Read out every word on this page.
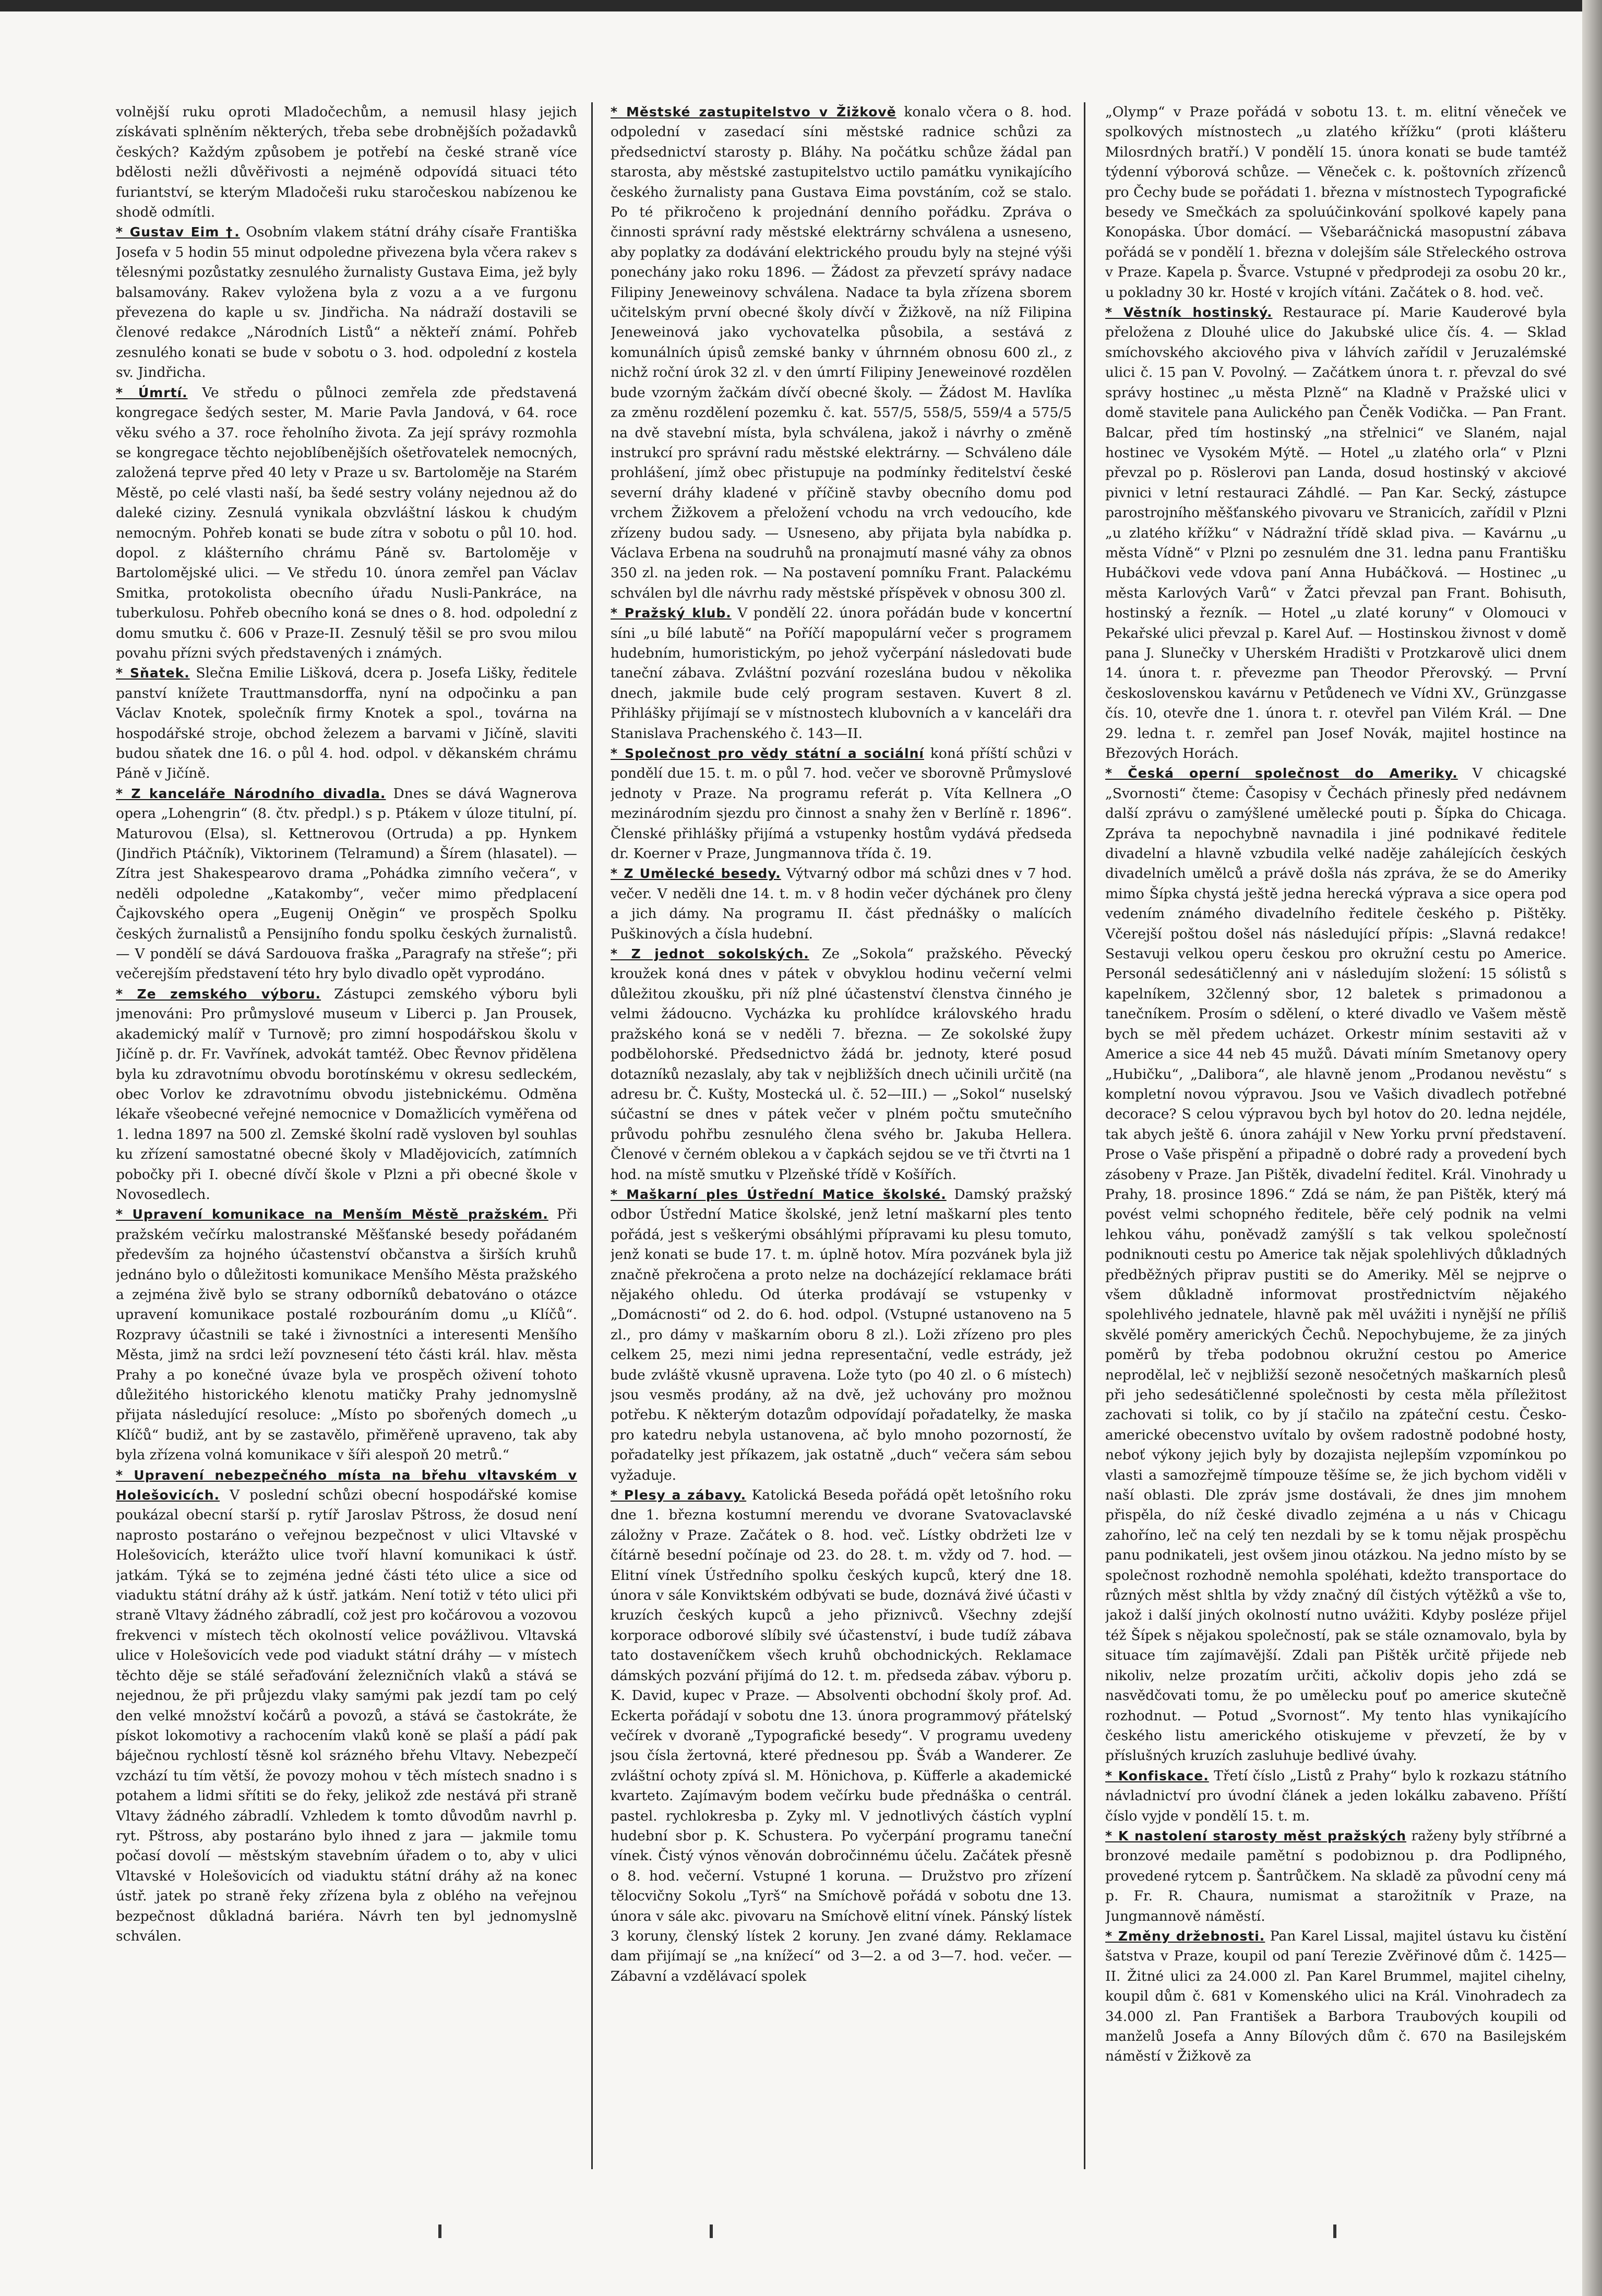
volnější ruku oproti Mladočechům, a nemusil hlasy jejich získávati splněním některých, třeba sebe drobnějších požadavků českých? Každým způsobem je potřebí na české straně více bdělosti nežli důvěřivosti a nejméně odpovídá situaci této furiantství, se kterým Mladočeši ruku staročeskou nabízenou ke shodě odmítli.

* Gustav Eim †. Osobním vlakem státní dráhy císaře Františka Josefa v 5 hodin 55 minut odpoledne přivezena byla včera rakev s tělesnými pozůstatky zesnulého žurnalisty Gustava Eima, jež byly balsamovány. Rakev vyložena byla z vozu a a ve furgonu převezena do kaple u sv. Jindřicha. Na nádraží dostavili se členové redakce „Národních Listů“ a někteří známí. Pohřeb zesnulého konati se bude v sobotu o 3. hod. odpolední z kostela sv. Jindřicha.

* Úmrtí. Ve středu o půlnoci zemřela zde představená kongregace šedých sester, M. Marie Pavla Jandová, v 64. roce věku svého a 37. roce řeholního života. Za její správy rozmohla se kongregace těchto nejoblíbenějších ošetřovatelek nemocných, založená teprve před 40 lety v Praze u sv. Bartoloměje na Starém Městě, po celé vlasti naší, ba šedé sestry volány nejednou až do daleké ciziny. Zesnulá vynikala obzvláštní láskou k chudým nemocným. Pohřeb konati se bude zítra v sobotu o půl 10. hod. dopol. z klášterního chrámu Páně sv. Bartoloměje v Bartolomějské ulici. — Ve středu 10. února zemřel pan Václav Smitka, protokolista obecního úřadu Nusli-Pankráce, na tuberkulosu. Pohřeb obecního koná se dnes o 8. hod. odpolední z domu smutku č. 606 v Praze-II. Zesnulý těšil se pro svou milou povahu přízni svých představených i známých.

* Sňatek. Slečna Emilie Lišková, dcera p. Josefa Lišky, ředitele panství knížete Trauttmansdorffa, nyní na odpočinku a pan Václav Knotek, společník firmy Knotek a spol., továrna na hospodářské stroje, obchod železem a barvami v Jičíně, slaviti budou sňatek dne 16. o půl 4. hod. odpol. v děkanském chrámu Páně v Jičíně.

* Z kanceláře Národního divadla. Dnes se dává Wagnerova opera „Lohengrin“ (8. čtv. předpl.) s p. Ptákem v úloze titulní, pí. Maturovou (Elsa), sl. Kettnerovou (Ortruda) a pp. Hynkem (Jindřich Ptáčník), Viktorinem (Telramund) a Šírem (hlasatel). — Zítra jest Shakespearovo drama „Pohádka zimního večera“, v neděli odpoledne „Katakomby“, večer mimo předplacení Čajkovského opera „Eugenij Oněgin“ ve prospěch Spolku českých žurnalistů a Pensijního fondu spolku českých žurnalistů. — V pondělí se dává Sardouova fraška „Paragrafy na střeše“; při večerejším představení této hry bylo divadlo opět vyprodáno.

* Ze zemského výboru. Zástupci zemského výboru byli jmenováni: Pro průmyslové museum v Liberci p. Jan Prousek, akademický malíř v Turnově; pro zimní hospodářskou školu v Jičíně p. dr. Fr. Vavřínek, advokát tamtéž. Obec Řevnov přidělena byla ku zdravotnímu obvodu borotínskému v okresu sedleckém, obec Vorlov ke zdravotnímu obvodu jistebnickému. Odměna lékaře všeobecné veřejné nemocnice v Domažlicích vyměřena od 1. ledna 1897 na 500 zl. Zemské školní radě vysloven byl souhlas ku zřízení samostatné obecné školy v Mladějovicích, zatímních pobočky při I. obecné dívčí škole v Plzni a při obecné škole v Novosedlech.

* Upravení komunikace na Menším Městě pražském. Při pražském večírku malostranské Měšťanské besedy pořádaném především za hojného účastenství občanstva a širších kruhů jednáno bylo o důležitosti komunikace Menšího Města pražského a zejména živě bylo se strany odborníků debatováno o otázce upravení komunikace postalé rozbouráním domu „u Klíčů“. Rozpravy účastnili se také i živnostníci a interesenti Menšího Města, jimž na srdci leží povznesení této části král. hlav. města Prahy a po konečné úvaze byla ve prospěch oživení tohoto důležitého historického klenotu matičky Prahy jednomyslně přijata následující resoluce: „Místo po sbořených domech „u Klíčů“ budiž, ant by se zastavělo, přiměřeně upraveno, tak aby byla zřízena volná komunikace v šíři alespoň 20 metrů.“

* Upravení nebezpečného místa na břehu vltavském v Holešovicích. V poslední schůzi obecní hospodářské komise poukázal obecní starší p. rytíř Jaroslav Pštross, že dosud není naprosto postaráno o veřejnou bezpečnost v ulici Vltavské v Holešovicích, kterážto ulice tvoří hlavní komunikaci k ústř. jatkám. Týká se to zejména jedné části této ulice a sice od viaduktu státní dráhy až k ústř. jatkám. Není totiž v této ulici při straně Vltavy žádného zábradlí, což jest pro kočárovou a vozovou frekvenci v místech těch okolností velice povážlivou. Vltavská ulice v Holešovicích vede pod viadukt státní dráhy — v místech těchto děje se stálé seřaďování železničních vlaků a stává se nejednou, že při průjezdu vlaky samými pak jezdí tam po celý den velké množství kočárů a povozů, a stává se častokráte, že pískot lokomotivy a rachocením vlaků koně se plaší a pádí pak báječnou rychlostí těsně kol srázného břehu Vltavy. Nebezpečí vzchází tu tím větší, že povozy mohou v těch místech snadno i s potahem a lidmi sřítiti se do řeky, jelikož zde nestává při straně Vltavy žádného zábradlí. Vzhledem k tomto důvodům navrhl p. ryt. Pštross, aby postaráno bylo ihned z jara — jakmile tomu počasí dovolí — městským stavebním úřadem o to, aby v ulici Vltavské v Holešovicích od viaduktu státní dráhy až na konec ústř. jatek po straně řeky zřízena byla z oblého na veřejnou bezpečnost důkladná bariéra. Návrh ten byl jednomyslně schválen.

* Městské zastupitelstvo v Žižkově konalo včera o 8. hod. odpolední v zasedací síni městské radnice schůzi za předsednictví starosty p. Bláhy. Na počátku schůze žádal pan starosta, aby městské zastupitelstvo uctilo památku vynikajícího českého žurnalisty pana Gustava Eima povstáním, což se stalo. Po té přikročeno k projednání denního pořádku. Zpráva o činnosti správní rady městské elektrárny schválena a usneseno, aby poplatky za dodávání elektrického proudu byly na stejné výši ponechány jako roku 1896. — Žádost za převzetí správy nadace Filipiny Jeneweinovy schválena. Nadace ta byla zřízena sborem učitelským první obecné školy dívčí v Žižkově, na níž Filipina Jeneweinová jako vychovatelka působila, a sestává z komunálních úpisů zemské banky v úhrnném obnosu 600 zl., z nichž roční úrok 32 zl. v den úmrtí Filipiny Jeneweinové rozdělen bude vzorným žačkám dívčí obecné školy. — Žádost M. Havlíka za změnu rozdělení pozemku č. kat. 557/5, 558/5, 559/4 a 575/5 na dvě stavební místa, byla schválena, jakož i návrhy o změně instrukcí pro správní radu městské elektrárny. — Schváleno dále prohlášení, jímž obec přistupuje na podmínky ředitelství české severní dráhy kladené v příčině stavby obecního domu pod vrchem Žižkovem a přeložení vchodu na vrch vedoucího, kde zřízeny budou sady. — Usneseno, aby přijata byla nabídka p. Václava Erbena na soudruhů na pronajmutí masné váhy za obnos 350 zl. na jeden rok. — Na postavení pomníku Frant. Palackému schválen byl dle návrhu rady městské příspěvek v obnosu 300 zl.

* Pražský klub. V pondělí 22. února pořádán bude v koncertní síni „u bílé labutě“ na Poříčí mapopulární večer s programem hudebním, humoristickým, po jehož vyčerpání následovati bude taneční zábava. Zvláštní pozvání rozeslána budou v několika dnech, jakmile bude celý program sestaven. Kuvert 8 zl. Přihlášky přijímají se v místnostech klubovních a v kanceláři dra Stanislava Prachenského č. 143—II.

* Společnost pro vědy státní a sociální koná příští schůzi v pondělí due 15. t. m. o půl 7. hod. večer ve sborovně Průmyslové jednoty v Praze. Na programu referát p. Víta Kellnera „O mezinárodním sjezdu pro činnost a snahy žen v Berlíně r. 1896“. Členské přihlášky přijímá a vstupenky hostům vydává předseda dr. Koerner v Praze, Jungmannova třída č. 19.

* Z Umělecké besedy. Výtvarný odbor má schůzi dnes v 7 hod. večer. V neděli dne 14. t. m. v 8 hodin večer dýchánek pro členy a jich dámy. Na programu II. část přednášky o malících Puškinových a čísla hudební.

* Z jednot sokolských. Ze „Sokola“ pražského. Pěvecký kroužek koná dnes v pátek v obvyklou hodinu večerní velmi důležitou zkoušku, při níž plné účastenství členstva činného je velmi žádoucno. Vycházka ku prohlídce královského hradu pražského koná se v neděli 7. března. — Ze sokolské župy podbělohorské. Předsednictvo žádá br. jednoty, které posud dotazníků nezaslaly, aby tak v nejbližších dnech učinili určitě (na adresu br. Č. Kušty, Mostecká ul. č. 52—III.) — „Sokol“ nuselský súčastní se dnes v pátek večer v plném počtu smutečního průvodu pohřbu zesnulého člena svého br. Jakuba Hellera. Členové v černém oblekou a v čapkách sejdou se ve tři čtvrti na 1 hod. na místě smutku v Plzeňské třídě v Košířích.

* Maškarní ples Ústřední Matice školské. Damský pražský odbor Ústřední Matice školské, jenž letní maškarní ples tento pořádá, jest s veškerými obsáhlými přípravami ku plesu tomuto, jenž konati se bude 17. t. m. úplně hotov. Míra pozvánek byla již značně překročena a proto nelze na docházející reklamace bráti nějakého ohledu. Od úterka prodávají se vstupenky v „Domácnosti“ od 2. do 6. hod. odpol. (Vstupné ustanoveno na 5 zl., pro dámy v maškarním oboru 8 zl.). Loži zřízeno pro ples celkem 25, mezi nimi jedna representační, vedle estrády, jež bude zvláště vkusně upravena. Lože tyto (po 40 zl. o 6 místech) jsou vesměs prodány, až na dvě, jež uchovány pro možnou potřebu. K některým dotazům odpovídají pořadatelky, že maska pro katedru nebyla ustanovena, ač bylo mnoho pozorností, že pořadatelky jest příkazem, jak ostatně „duch“ večera sám sebou vyžaduje.

* Plesy a zábavy. Katolická Beseda pořádá opět letošního roku dne 1. března kostumní merendu ve dvorane Svatovaclavské záložny v Praze. Začátek o 8. hod. več. Lístky obdržeti lze v čítárně besední počínaje od 23. do 28. t. m. vždy od 7. hod. — Elitní vínek Ústředního spolku českých kupců, který dne 18. února v sále Konviktském odbývati se bude, doznává živé účasti v kruzích českých kupců a jeho přiznivců. Všechny zdejší korporace odborové slíbily své účastenství, i bude tudíž zábava tato dostaveníčkem všech kruhů obchodnických. Reklamace dámských pozvání přijímá do 12. t. m. předseda zábav. výboru p. K. David, kupec v Praze. — Absolventi obchodní školy prof. Ad. Eckerta pořádají v sobotu dne 13. února programmový přátelský večírek v dvoraně „Typografické besedy“. V programu uvedeny jsou čísla žertovná, které přednesou pp. Šváb a Wanderer. Ze zvláštní ochoty zpívá sl. M. Hönichova, p. Küfferle a akademické kvarteto. Zajímavým bodem večírku bude přednáška o centrál. pastel. rychlokresba p. Zyky ml. V jednotlivých částích vyplní hudební sbor p. K. Schustera. Po vyčerpání programu taneční vínek. Čistý výnos věnován dobročinnému účelu. Začátek přesně o 8. hod. večerní. Vstupné 1 koruna. — Družstvo pro zřízení tělocvičny Sokolu „Tyrš“ na Smíchově pořádá v sobotu dne 13. února v sále akc. pivovaru na Smíchově elitní vínek. Pánský lístek 3 koruny, členský lístek 2 koruny. Jen zvané dámy. Reklamace dam přijímají se „na knížecí“ od 3—2. a od 3—7. hod. večer. — Zábavní a vzdělávací spolek

„Olymp“ v Praze pořádá v sobotu 13. t. m. elitní věneček ve spolkových místnostech „u zlatého křížku“ (proti klášteru Milosrdných bratří.) V pondělí 15. února konati se bude tamtéž týdenní výborová schůze. — Věneček c. k. poštovních zřízenců pro Čechy bude se pořádati 1. března v místnostech Typografické besedy ve Smečkách za spoluúčinkování spolkové kapely pana Konopáska. Úbor domácí. — Všebaráčnická masopustní zábava pořádá se v pondělí 1. března v dolejším sále Střeleckého ostrova v Praze. Kapela p. Švarce. Vstupné v předprodeji za osobu 20 kr., u pokladny 30 kr. Hosté v krojích vítáni. Začátek o 8. hod. več.

* Věstník hostinský. Restaurace pí. Marie Kauderové byla přeložena z Dlouhé ulice do Jakubské ulice čís. 4. — Sklad smíchovského akciového piva v láhvích zařídil v Jeruzalémské ulici č. 15 pan V. Povolný. — Začátkem února t. r. převzal do své správy hostinec „u města Plzně“ na Kladně v Pražské ulici v domě stavitele pana Aulického pan Čeněk Vodička. — Pan Frant. Balcar, před tím hostinský „na střelnici“ ve Slaném, najal hostinec ve Vysokém Mýtě. — Hotel „u zlatého orla“ v Plzni převzal po p. Röslerovi pan Landa, dosud hostinský v akciové pivnici v letní restauraci Záhdlé. — Pan Kar. Secký, zástupce parostrojního měšťanského pivovaru ve Stranicích, zařídil v Plzni „u zlatého křížku“ v Nádražní třídě sklad piva. — Kavárnu „u města Vídně“ v Plzni po zesnulém dne 31. ledna panu Františku Hubáčkovi vede vdova paní Anna Hubáčková. — Hostinec „u města Karlových Varů“ v Žatci převzal pan Frant. Bohisuth, hostinský a řezník. — Hotel „u zlaté koruny“ v Olomouci v Pekařské ulici převzal p. Karel Auf. — Hostinskou živnost v domě pana J. Slunečky v Uherském Hradišti v Protzkarově ulici dnem 14. února t. r. převezme pan Theodor Přerovský. — První československou kavárnu v Petůdenech ve Vídni XV., Grünzgasse čís. 10, otevře dne 1. února t. r. otevřel pan Vilém Král. — Dne 29. ledna t. r. zemřel pan Josef Novák, majitel hostince na Březových Horách.

* Česká operní společnost do Ameriky. V chicagské „Svornosti“ čteme: Časopisy v Čechách přinesly před nedávnem další zprávu o zamýšlené umělecké pouti p. Šípka do Chicaga. Zpráva ta nepochybně navnadila i jiné podnikavé ředitele divadelní a hlavně vzbudila velké naděje zahálejících českých divadelních umělců a právě došla nás zpráva, že se do Ameriky mimo Šípka chystá ještě jedna herecká výprava a sice opera pod vedením známého divadelního ředitele českého p. Pištěky. Včerejší poštou došel nás následující přípis: „Slavná redakce! Sestavuji velkou operu českou pro okružní cestu po Americe. Personál sedesátičlenný ani v následujím složení: 15 sólistů s kapelníkem, 32členný sbor, 12 baletek s primadonou a tanečníkem. Prosím o sdělení, o které divadlo ve Vašem městě bych se měl předem ucházet. Orkestr mínim sestaviti až v Americe a sice 44 neb 45 mužů. Dávati míním Smetanovy opery „Hubičku“, „Dalibora“, ale hlavně jenom „Prodanou nevěstu“ s kompletní novou výpravou. Jsou ve Vašich divadlech potřebné decorace? S celou výpravou bych byl hotov do 20. ledna nejdéle, tak abych ještě 6. února zahájil v New Yorku první představení. Prose o Vaše přispění a připadně o dobré rady a provedení bych zásobeny v Praze. Jan Pištěk, divadelní ředitel. Král. Vinohrady u Prahy, 18. prosince 1896.“ Zdá se nám, že pan Pištěk, který má povést velmi schopného ředitele, běře celý podnik na velmi lehkou váhu, poněvadž zamýšlí s tak velkou společností podniknouti cestu po Americe tak nějak spolehlivých důkladných předběžných připrav pustiti se do Ameriky. Měl se nejprve o všem důkladně informovat prostřednictvím nějakého spolehlivého jednatele, hlavně pak měl uvážiti i nynější ne příliš skvělé poměry amerických Čechů. Nepochybujeme, že za jiných poměrů by třeba podobnou okružní cestou po Americe neprodělal, leč v nejbližší sezoně nesočetných maškarních plesů při jeho sedesátičlenné společnosti by cesta měla příležitost zachovati si tolik, co by jí stačilo na zpáteční cestu. Česko-americké obecenstvo uvítalo by ovšem radostně podobné hosty, neboť výkony jejich byly by dozajista nejlepším vzpomínkou po vlasti a samozřejmě tímpouze těšíme se, že jich bychom viděli v naší oblasti. Dle zpráv jsme dostávali, že dnes jim mnohem přispěla, do níž české divadlo zejména a u nás v Chicagu zahoříno, leč na celý ten nezdali by se k tomu nějak prospěchu panu podnikateli, jest ovšem jinou otázkou. Na jedno místo by se společnost rozhodně nemohla spoléhati, kdežto transportace do různých měst shltla by vždy značný díl čistých výtěžků a vše to, jakož i další jiných okolností nutno uvážiti. Kdyby posléze přijel též Šípek s nějakou společností, pak se stále oznamovalo, byla by situace tím zajímavější. Zdali pan Pištěk určitě přijede neb nikoliv, nelze prozatím určiti, ačkoliv dopis jeho zdá se nasvědčovati tomu, že po umělecku pouť po americe skutečně rozhodnut. — Potud „Svornost“. My tento hlas vynikajícího českého listu amerického otiskujeme v převzetí, že by v příslušných kruzích zasluhuje bedlivé úvahy.

* Konfiskace. Třetí číslo „Listů z Prahy“ bylo k rozkazu státního návladnictví pro úvodní článek a jeden lokálku zabaveno. Příští číslo vyjde v pondělí 15. t. m.

* K nastolení starosty měst pražských raženy byly stříbrné a bronzové medaile pamětní s podobiznou p. dra Podlipného, provedené rytcem p. Šantrůčkem. Na skladě za původní ceny má p. Fr. R. Chaura, numismat a starožitník v Praze, na Jungmannově náměstí.

* Změny držebnosti. Pan Karel Lissal, majitel ústavu ku čistění šatstva v Praze, koupil od paní Terezie Zvěřinové dům č. 1425—II. Žitné ulici za 24.000 zl. Pan Karel Brummel, majitel cihelny, koupil dům č. 681 v Komenského ulici na Král. Vinohradech za 34.000 zl. Pan František a Barbora Traubových koupili od manželů Josefa a Anny Bílových dům č. 670 na Basilejském náměstí v Žižkově za
